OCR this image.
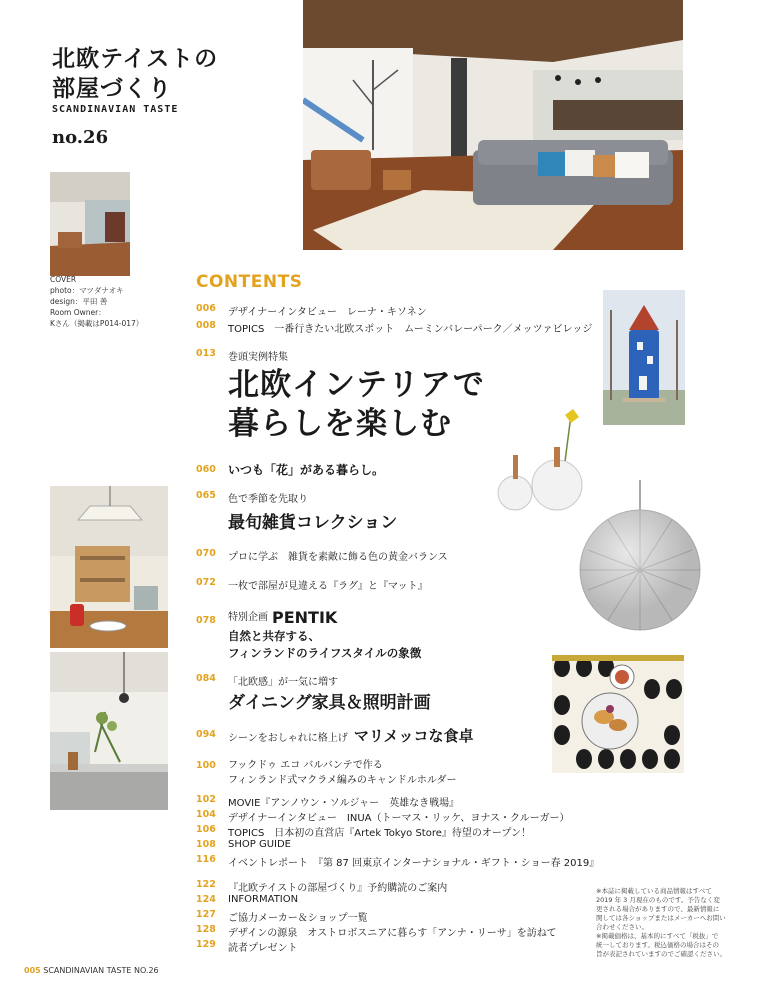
北欧テイストの
部屋づくり
SCANDINAVIAN TASTE
no.26
COVER
photo：マツダナオキ
design：平田 善
Room Owner：
Kさん（掲載はP014-017）
CONTENTS
006 デザイナーインタビュー　レーナ・キソネン
008 TOPICS　一番行きたい北欧スポット　ムーミンバレーパーク／メッツァビレッジ
013 巻頭実例特集
北欧インテリアで
暮らしを楽しむ
060 いつも「花」がある暮らし。
065 色で季節を先取り
最旬雑貨コレクション
070 プロに学ぶ　雑貨を素敵に飾る色の黄金バランス
072 一枚で部屋が見違える『ラグ』と『マット』
078 特別企画 PENTIK
自然と共存する、
フィンランドのライフスタイルの象徴
084 「北欧感」が一気に増す
ダイニング家具＆照明計画
094 シーンをおしゃれに格上げ マリメッコな食卓
100 フックドゥ エコ バルバンテで作る
フィンランド式マクラメ編みのキャンドルホルダー
102 MOVIE『アンノウン・ソルジャー　英雄なき戦場』
104 デザイナーインタビュー　INUA（トーマス・リッケ、ヨナス・クルーガー）
106 TOPICS　日本初の直営店『Artek Tokyo Store』待望のオープン！
108 SHOP GUIDE
116 イベントレポート　『第 87 回東京インターナショナル・ギフト・ショー春 2019』
122 『北欧テイストの部屋づくり』予約購読のご案内
124 INFORMATION
127 ご協力メーカー＆ショップ一覧
128 デザインの源泉　オストロボスニアに暮らす「アンナ・リーサ」を訪ねて
129 読者プレゼント
※本誌に掲載している商品情報はすべて
2019 年 3 月現在のものです。予告なく変
更される場合がありますので、最新情報に
関しては各ショップまたはメーカーへお問い
合わせください。
※掲載価格は、基本的にすべて「税抜」で
統一しております。税込価格の場合はその
旨が表記されていますのでご確認ください。
005 SCANDINAVIAN TASTE NO.26
